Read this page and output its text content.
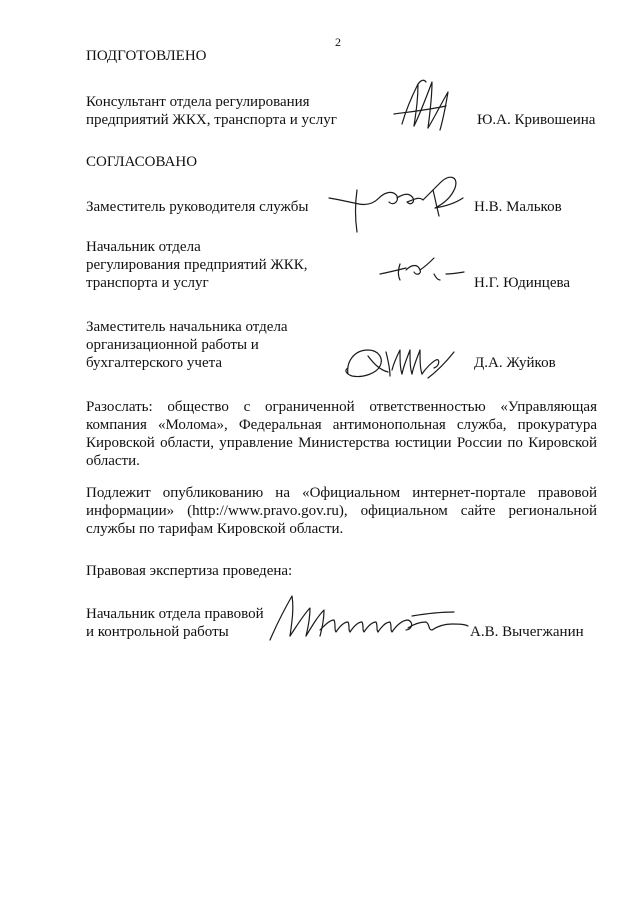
2
ПОДГОТОВЛЕНО
Консультант отдела регулирования
предприятий ЖКХ, транспорта и услуг	Ю.А. Кривошеина
СОГЛАСОВАНО
Заместитель руководителя службы	Н.В. Мальков
Начальник отдела
регулирования предприятий ЖКК,
транспорта и услуг	Н.Г. Юдинцева
Заместитель начальника отдела
организационной работы и
бухгалтерского учета	Д.А. Жуйков
Разослать: общество с ограниченной ответственностью «Управляющая компания «Молома», Федеральная антимонопольная служба, прокуратура Кировской области, управление Министерства юстиции России по Кировской области.
Подлежит опубликованию на «Официальном интернет-портале правовой информации» (http://www.pravo.gov.ru), официальном сайте региональной службы по тарифам Кировской области.
Правовая экспертиза проведена:
Начальник отдела правовой
и контрольной работы	А.В. Вычегжанин
